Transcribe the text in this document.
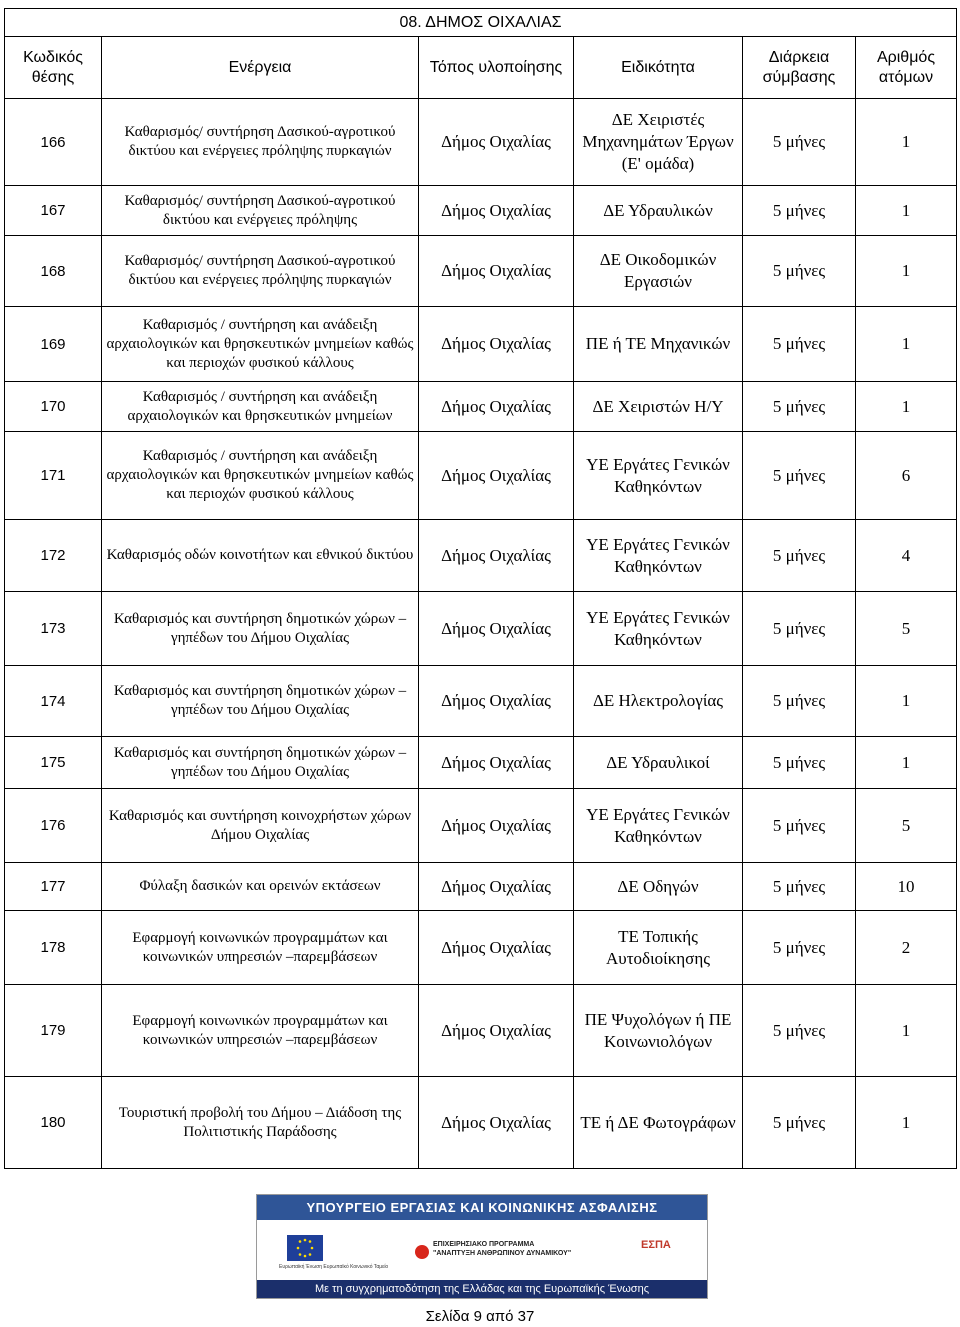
08. ΔΗΜΟΣ ΟΙΧΑΛΙΑΣ					
Κωδικός θέσης	Ενέργεια	Τόπος υλοποίησης	Ειδικότητα	Διάρκεια σύμβασης	Αριθμός ατόμων
166	Καθαρισμός/ συντήρηση Δασικού-αγροτικού δικτύου και ενέργειες πρόληψης πυρκαγιών	Δήμος Οιχαλίας	ΔΕ Χειριστές Μηχανημάτων Έργων (Ε' ομάδα)	5 μήνες	1
167	Καθαρισμός/ συντήρηση Δασικού-αγροτικού δικτύου και ενέργειες πρόληψης	Δήμος Οιχαλίας	ΔΕ Υδραυλικών	5 μήνες	1
168	Καθαρισμός/ συντήρηση Δασικού-αγροτικού δικτύου και ενέργειες πρόληψης πυρκαγιών	Δήμος Οιχαλίας	ΔΕ Οικοδομικών Εργασιών	5 μήνες	1
169	Καθαρισμός / συντήρηση και ανάδειξη αρχαιολογικών και θρησκευτικών μνημείων καθώς και περιοχών φυσικού κάλλους	Δήμος Οιχαλίας	ΠΕ ή ΤΕ Μηχανικών	5 μήνες	1
170	Καθαρισμός / συντήρηση και ανάδειξη αρχαιολογικών και θρησκευτικών μνημείων	Δήμος Οιχαλίας	ΔΕ Χειριστών Η/Υ	5 μήνες	1
171	Καθαρισμός / συντήρηση και ανάδειξη αρχαιολογικών και θρησκευτικών μνημείων καθώς και περιοχών φυσικού κάλλους	Δήμος Οιχαλίας	ΥΕ Εργάτες Γενικών Καθηκόντων	5 μήνες	6
172	Καθαρισμός οδών κοινοτήτων και εθνικού δικτύου	Δήμος Οιχαλίας	ΥΕ Εργάτες Γενικών Καθηκόντων	5 μήνες	4
173	Καθαρισμός και συντήρηση δημοτικών χώρων – γηπέδων του Δήμου Οιχαλίας	Δήμος Οιχαλίας	ΥΕ Εργάτες Γενικών Καθηκόντων	5 μήνες	5
174	Καθαρισμός και συντήρηση δημοτικών χώρων – γηπέδων του Δήμου Οιχαλίας	Δήμος Οιχαλίας	ΔΕ Ηλεκτρολογίας	5 μήνες	1
175	Καθαρισμός και συντήρηση δημοτικών χώρων – γηπέδων του Δήμου Οιχαλίας	Δήμος Οιχαλίας	ΔΕ Υδραυλικοί	5 μήνες	1
176	Καθαρισμός και συντήρηση κοινοχρήστων χώρων Δήμου Οιχαλίας	Δήμος Οιχαλίας	ΥΕ Εργάτες Γενικών Καθηκόντων	5 μήνες	5
177	Φύλαξη δασικών και ορεινών εκτάσεων	Δήμος Οιχαλίας	ΔΕ Οδηγών	5 μήνες	10
178	Εφαρμογή κοινωνικών προγραμμάτων και κοινωνικών υπηρεσιών –παρεμβάσεων	Δήμος Οιχαλίας	ΤΕ Τοπικής Αυτοδιοίκησης	5 μήνες	2
179	Εφαρμογή κοινωνικών προγραμμάτων και κοινωνικών υπηρεσιών –παρεμβάσεων	Δήμος Οιχαλίας	ΠΕ Ψυχολόγων ή ΠΕ Κοινωνιολόγων	5 μήνες	1
180	Τουριστική προβολή του Δήμου – Διάδοση της Πολιτιστικής Παράδοσης	Δήμος Οιχαλίας	ΤΕ ή ΔΕ Φωτογράφων	5 μήνες	1
ΥΠΟΥΡΓΕΙΟ ΕΡΓΑΣΙΑΣ ΚΑΙ ΚΟΙΝΩΝΙΚΗΣ ΑΣΦΑΛΙΣΗΣ
Ευρωπαϊκή Ένωση Ευρωπαϊκό Κοινωνικό Ταμείο
ΕΠΙΧΕΙΡΗΣΙΑΚΟ ΠΡΟΓΡΑΜΜΑ
"ΑΝΑΠΤΥΞΗ ΑΝΘΡΩΠΙΝΟΥ ΔΥΝΑΜΙΚΟΥ"
ΕΣΠΑ
Με τη συγχρηματοδότηση της Ελλάδας και της Ευρωπαϊκής Ένωσης
Σελίδα 9 από 37
